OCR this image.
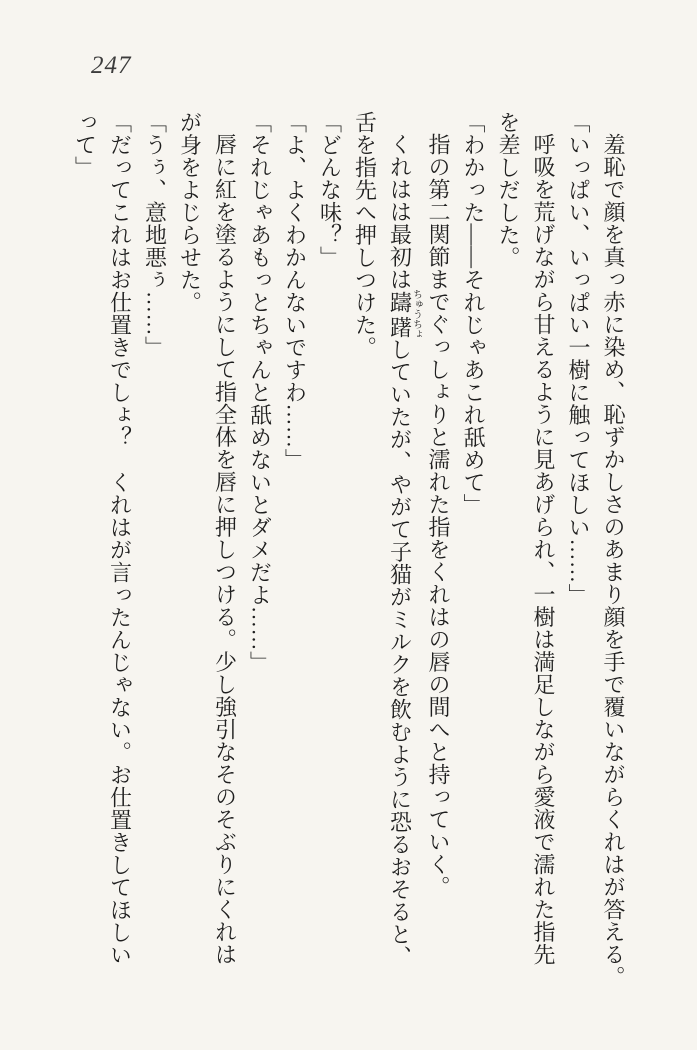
247

羞恥で顔を真っ赤に染め、恥ずかしさのあまり顔を手で覆いながらくれはが答える。

「いっぱい、いっぱい一樹に触ってほしい……」

呼吸を荒げながら甘えるように見あげられ、一樹は満足しながら愛液で濡れた指先

を差しだした。

「わかった——それじゃあこれ舐めて」

指の第二関節までぐっしょりと濡れた指をくれはの唇の間へと持っていく。

くれはは最初は躊躇ちゅうちょしていたが、やがて子猫がミルクを飲むように恐るおそると、

舌を指先へ押しつけた。

「どんな味？」

「よ、よくわかんないですわ……」

「それじゃあもっとちゃんと舐めないとダメだよ……」

唇に紅を塗るようにして指全体を唇に押しつける。少し強引なそのそぶりにくれは

が身をよじらせた。

「うぅ、意地悪ぅ……」

「だってこれはお仕置きでしょ？　くれはが言ったんじゃない。お仕置きしてほしい

って」
